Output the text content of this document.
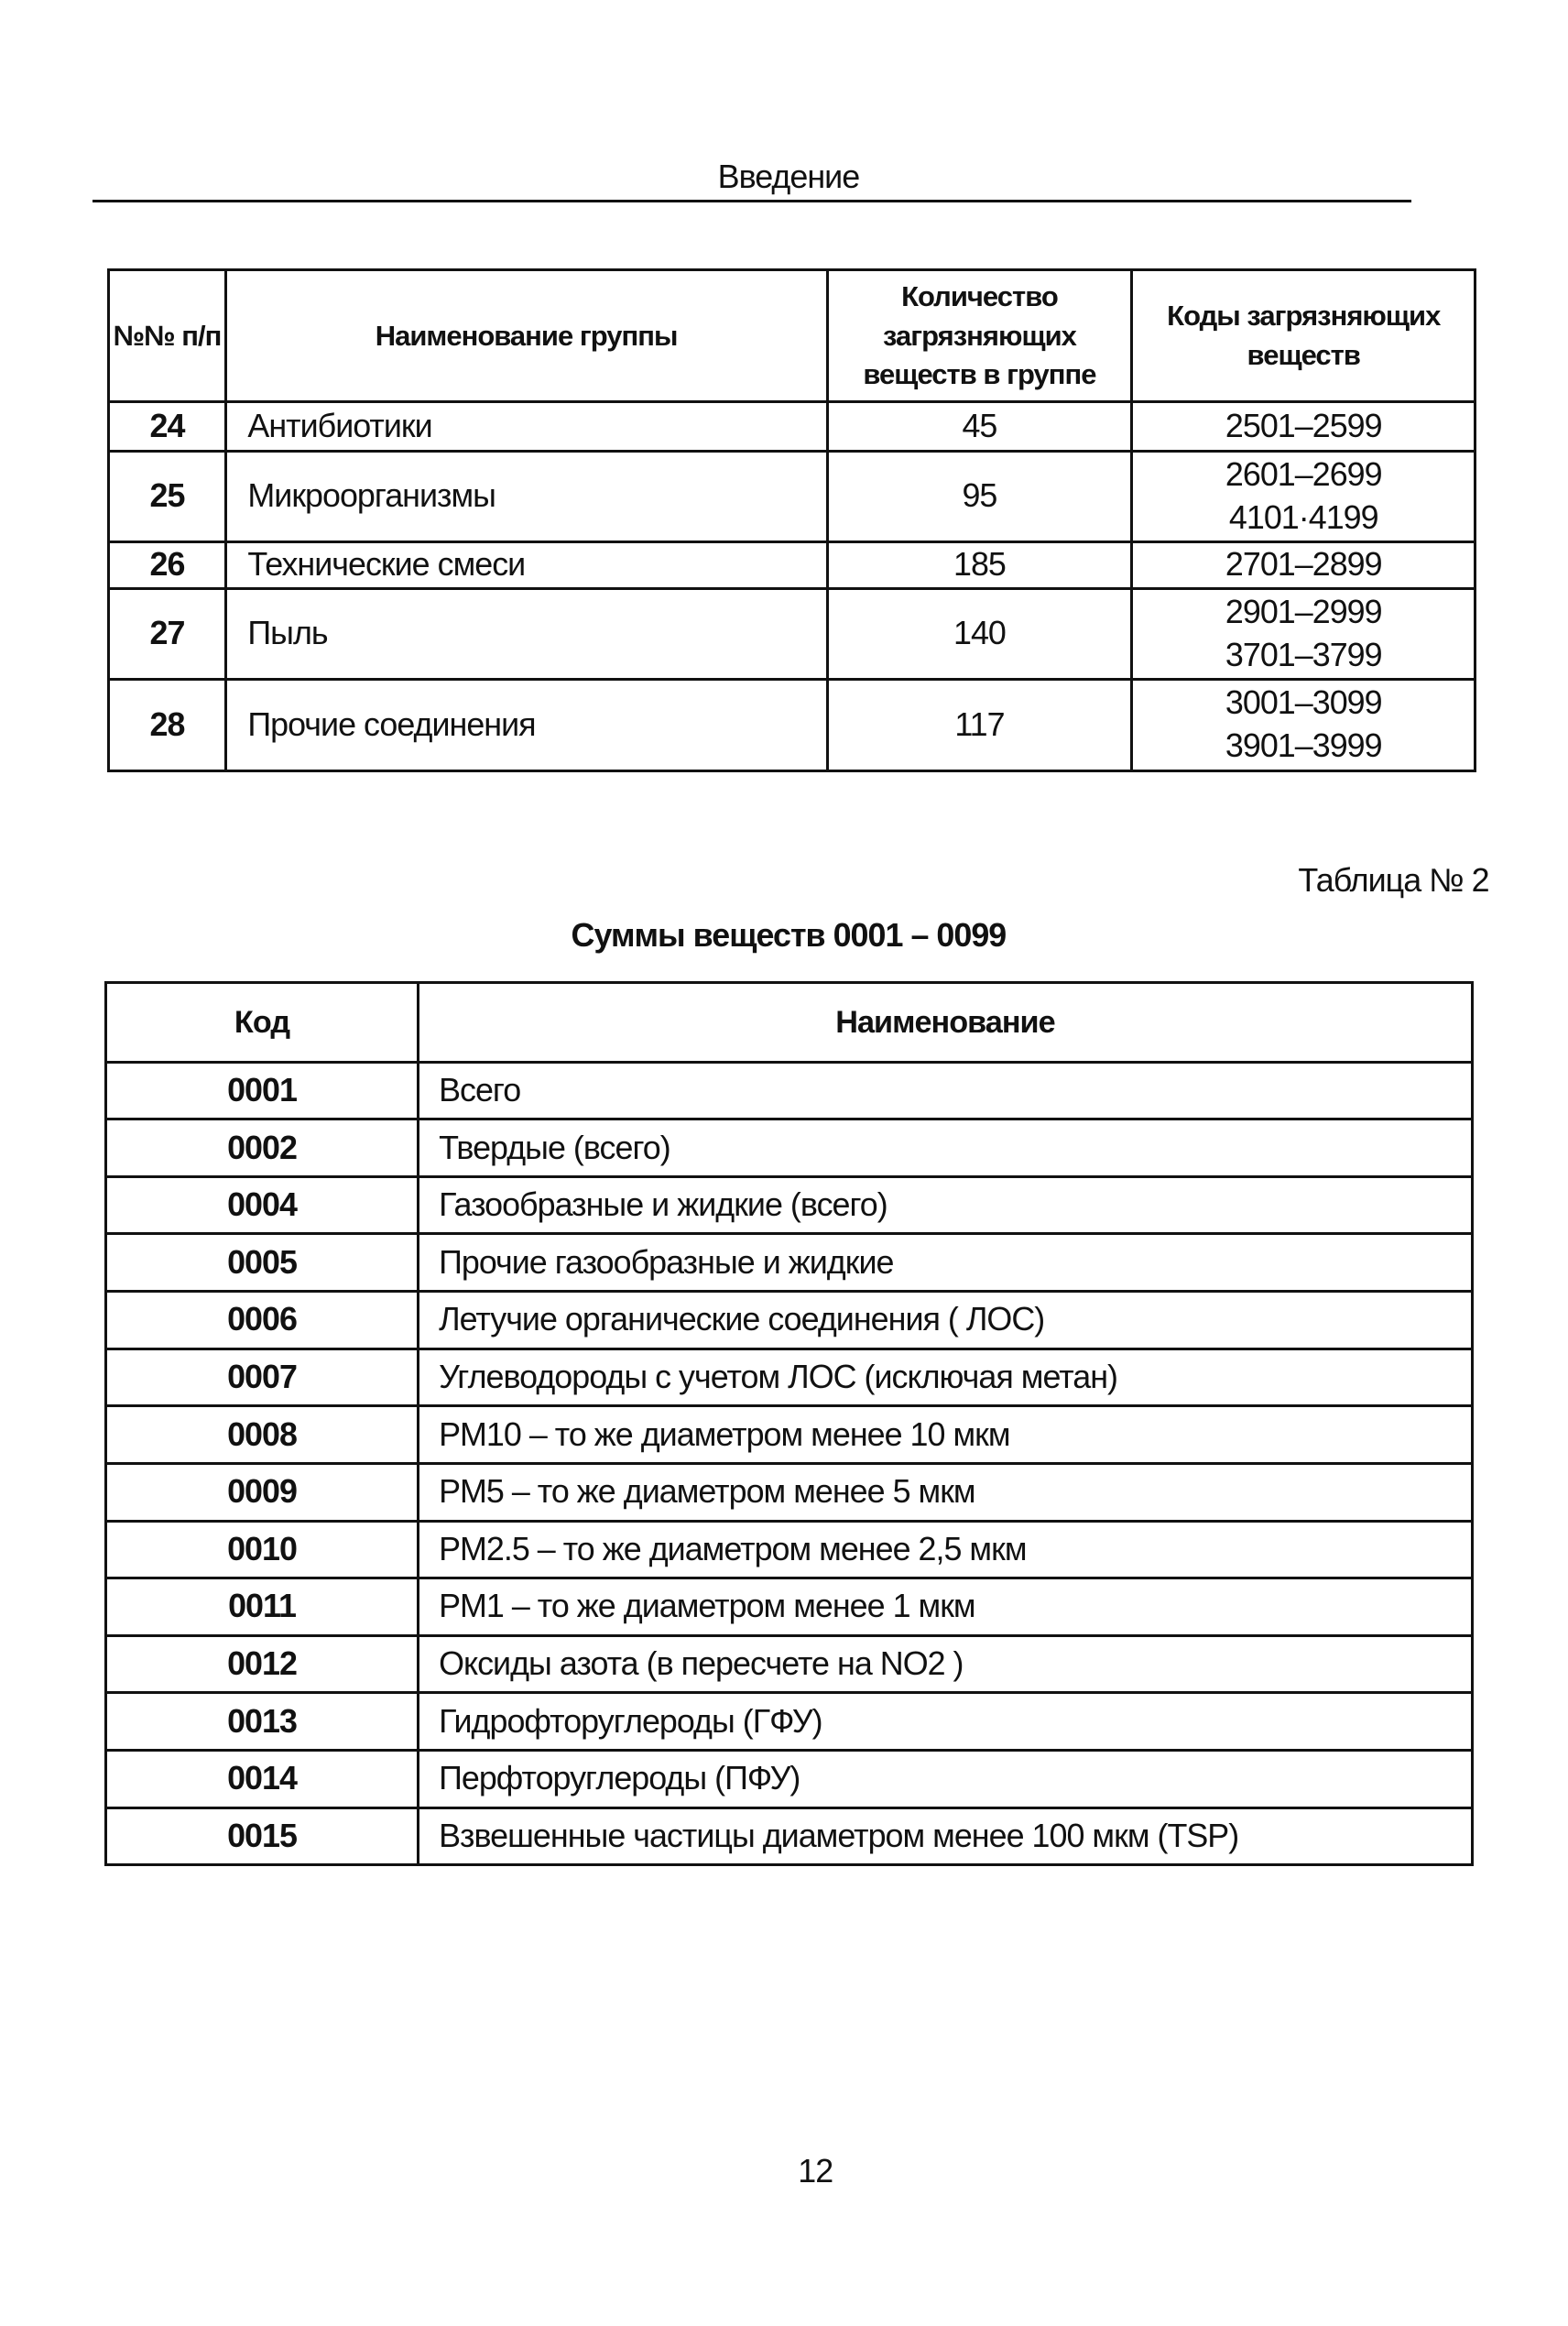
Введение
№№ п/п	Наименование группы	Количество загрязняющих веществ в группе	Коды загрязняющих веществ
24	Антибиотики	45	2501–2599

25	Микроорганизмы	95	2601–2699
4101·4199

26	Технические смеси	185	2701–2899

27	Пыль	140	2901–2999
3701–3799

28	Прочие соединения	117	3001–3099
3901–3999
Таблица № 2
Суммы веществ 0001 – 0099
Код	Наименование
0001	Всего
0002	Твердые (всего)
0004	Газообразные и жидкие (всего)
0005	Прочие газообразные и жидкие
0006	Летучие органические соединения ( ЛОС)
0007	Углеводороды с учетом ЛОС (исключая метан)
0008	PM10 – то же диаметром менее 10 мкм
0009	PM5 – то же диаметром менее 5 мкм
0010	PM2.5 – то же диаметром менее 2,5 мкм
0011	PM1 – то же диаметром менее 1 мкм
0012	Оксиды азота (в пересчете на NO2 )
0013	Гидрофторуглероды (ГФУ)
0014	Перфторуглероды (ПФУ)
0015	Взвешенные частицы диаметром менее 100 мкм (TSP)
12
